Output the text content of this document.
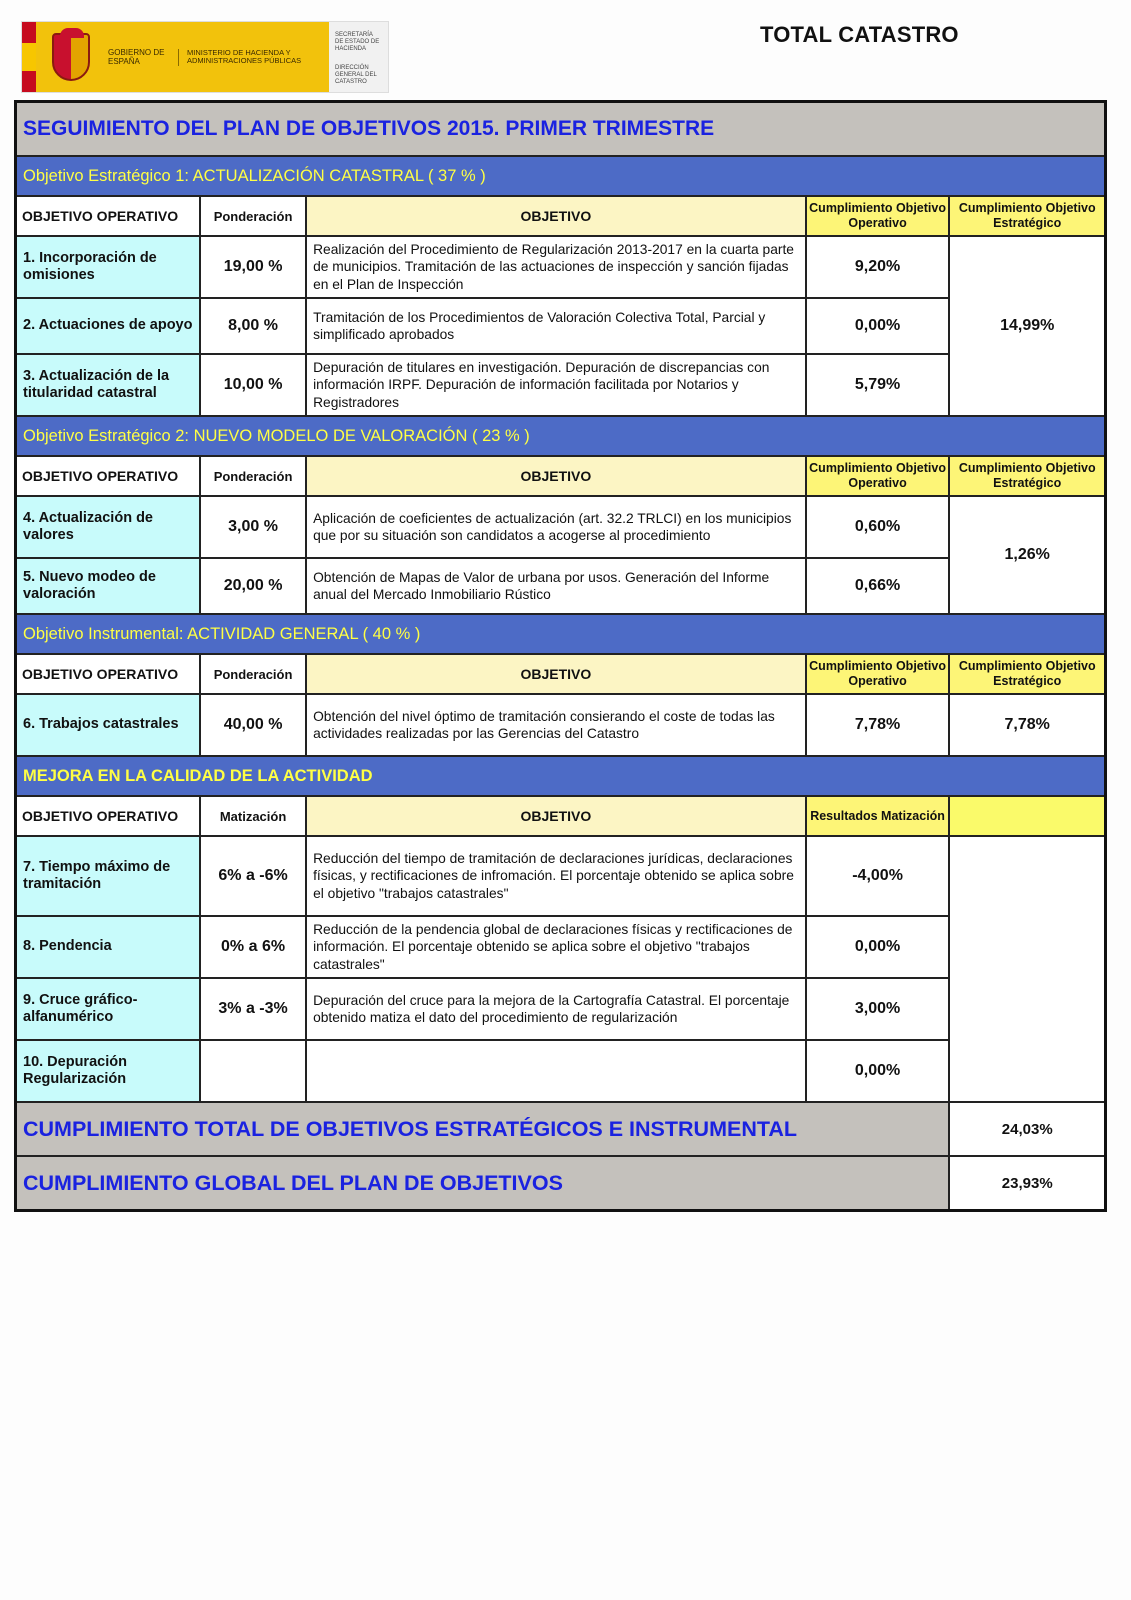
GOBIERNO DE ESPAÑA
MINISTERIO DE HACIENDA Y ADMINISTRACIONES PÚBLICAS
SECRETARÍA DE ESTADO DE HACIENDA
DIRECCIÓN GENERAL DEL CATASTRO
TOTAL CATASTRO
SEGUIMIENTO DEL PLAN DE OBJETIVOS 2015. PRIMER TRIMESTRE				
Objetivo Estratégico 1: ACTUALIZACIÓN CATASTRAL ( 37 % )				
OBJETIVO OPERATIVO	Ponderación	OBJETIVO	Cumplimiento Objetivo Operativo	Cumplimiento Objetivo Estratégico
1. Incorporación de omisiones	19,00 %	Realización del Procedimiento de Regularización 2013-2017 en la cuarta parte de municipios. Tramitación de las actuaciones de inspección y sanción fijadas en el Plan de Inspección	9,20%	14,99%
2. Actuaciones de apoyo	8,00 %	Tramitación de los Procedimientos de Valoración Colectiva Total, Parcial y simplificado aprobados	0,00%	
3. Actualización de la titularidad catastral	10,00 %	Depuración de titulares en investigación. Depuración de discrepancias con información IRPF. Depuración de información facilitada por Notarios y Registradores	5,79%	
Objetivo Estratégico 2: NUEVO MODELO DE VALORACIÓN ( 23 % )				
OBJETIVO OPERATIVO	Ponderación	OBJETIVO	Cumplimiento Objetivo Operativo	Cumplimiento Objetivo Estratégico
4. Actualización de valores	3,00 %	Aplicación de coeficientes de actualización (art. 32.2 TRLCI) en los municipios que por su situación son candidatos a acogerse al procedimiento	0,60%	1,26%
5. Nuevo modeo de valoración	20,00 %	Obtención de Mapas de Valor de urbana por usos. Generación del Informe anual del Mercado Inmobiliario Rústico	0,66%	
Objetivo Instrumental: ACTIVIDAD GENERAL ( 40 % )				
OBJETIVO OPERATIVO	Ponderación	OBJETIVO	Cumplimiento Objetivo Operativo	Cumplimiento Objetivo Estratégico
6. Trabajos catastrales	40,00 %	Obtención del nivel óptimo de tramitación consierando el coste de todas las actividades realizadas por las Gerencias del Catastro	7,78%	7,78%
MEJORA EN LA CALIDAD DE LA ACTIVIDAD				
OBJETIVO OPERATIVO	Matización	OBJETIVO	Resultados Matización	
7. Tiempo máximo de tramitación	6% a -6%	Reducción del tiempo de tramitación de declaraciones jurídicas, declaraciones físicas, y rectificaciones de infromación. El porcentaje obtenido se aplica sobre el objetivo "trabajos catastrales"	-4,00%	
8. Pendencia	0% a 6%	Reducción de la pendencia global de declaraciones físicas y rectificaciones de información. El porcentaje obtenido se aplica sobre el objetivo "trabajos catastrales"	0,00%	
9. Cruce gráfico-alfanumérico	3% a -3%	Depuración del cruce para la mejora de la Cartografía Catastral. El porcentaje obtenido matiza el dato del procedimiento de regularización	3,00%	
10. Depuración Regularización			0,00%	
CUMPLIMIENTO TOTAL DE OBJETIVOS ESTRATÉGICOS E INSTRUMENTAL				24,03%
CUMPLIMIENTO GLOBAL DEL PLAN DE OBJETIVOS				23,93%
